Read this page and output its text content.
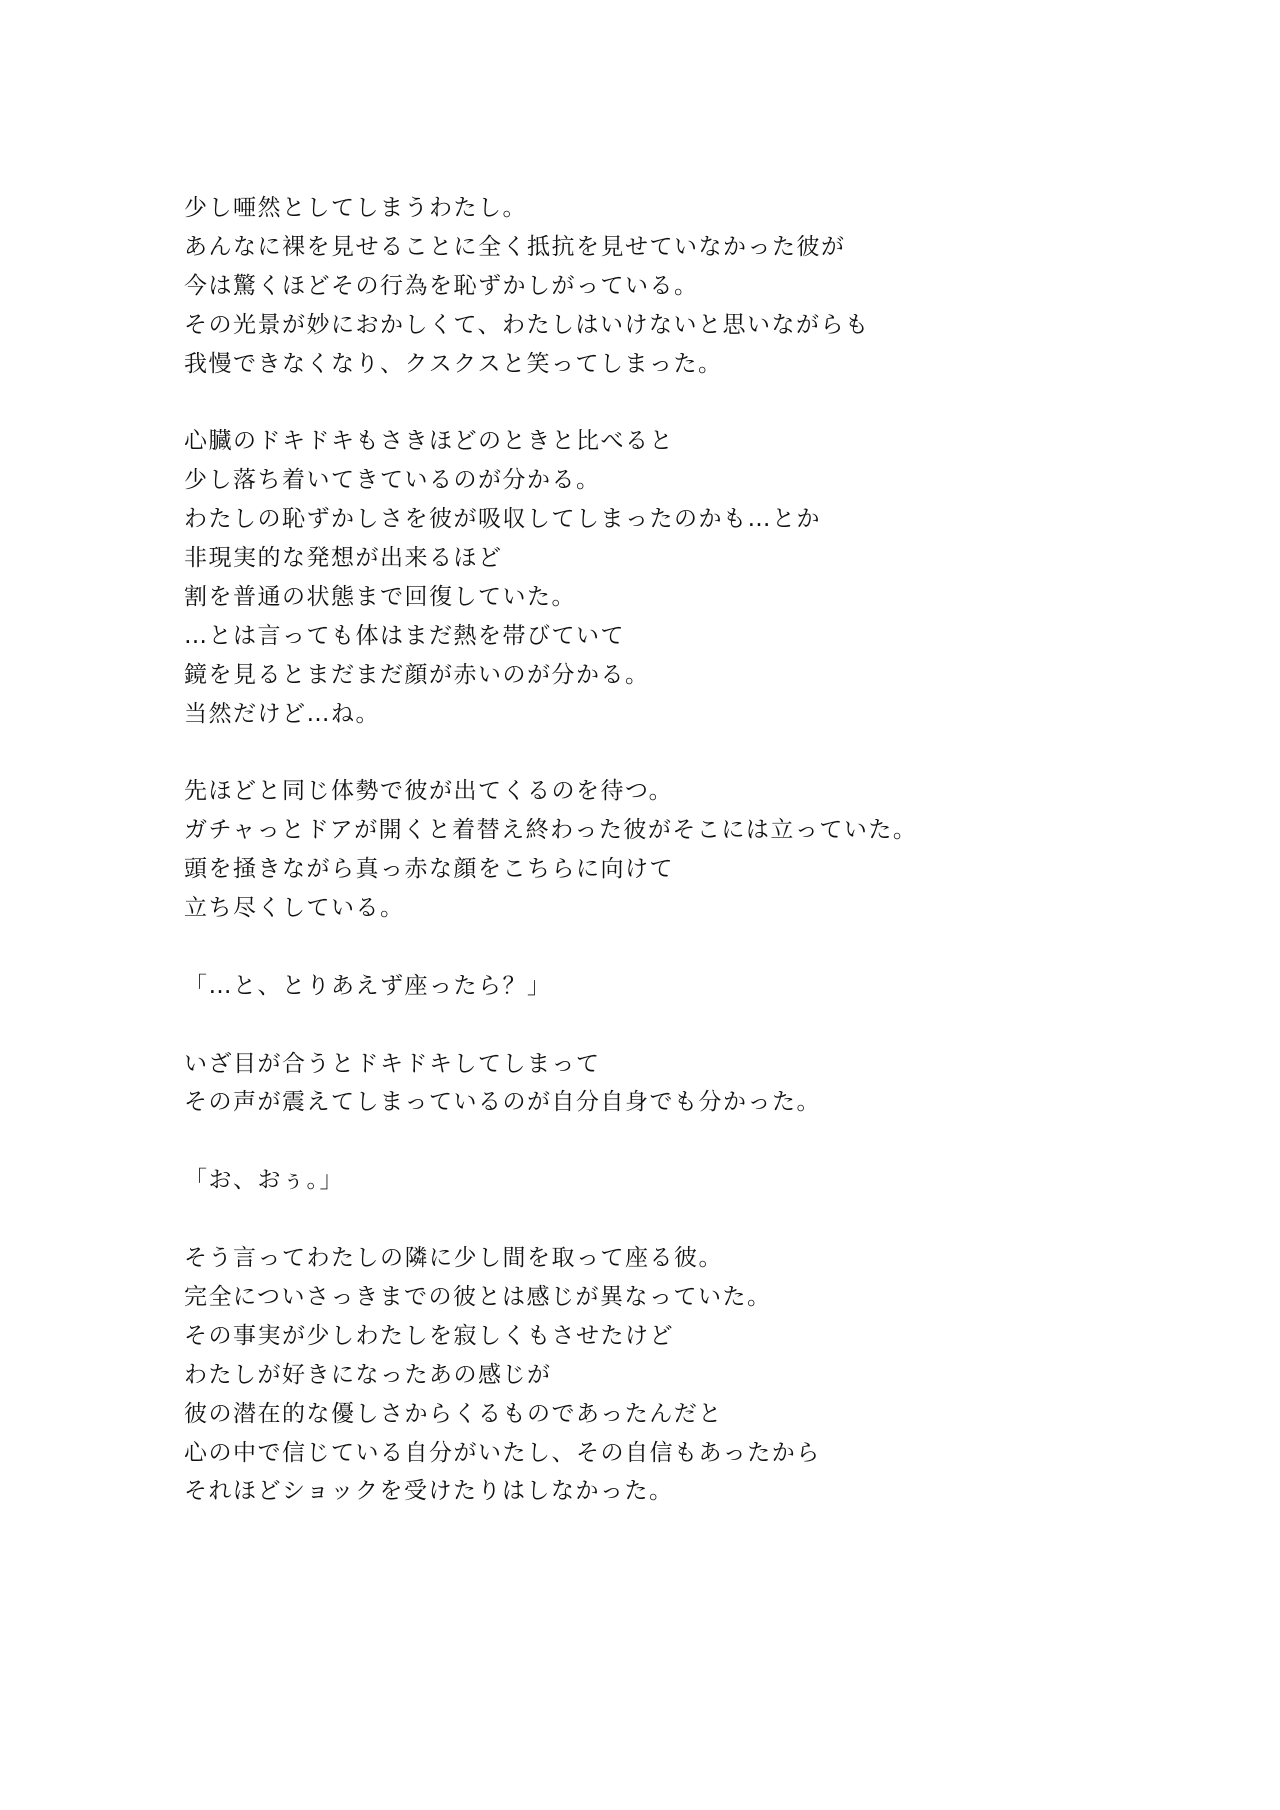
少し唖然としてしまうわたし。
あんなに裸を見せることに全く抵抗を見せていなかった彼が
今は驚くほどその行為を恥ずかしがっている。
その光景が妙におかしくて、わたしはいけないと思いながらも
我慢できなくなり、クスクスと笑ってしまった。
心臓のドキドキもさきほどのときと比べると
少し落ち着いてきているのが分かる。
わたしの恥ずかしさを彼が吸収してしまったのかも…とか
非現実的な発想が出来るほど
割を普通の状態まで回復していた。
…とは言っても体はまだ熱を帯びていて
鏡を見るとまだまだ顔が赤いのが分かる。
当然だけど…ね。
先ほどと同じ体勢で彼が出てくるのを待つ。
ガチャっとドアが開くと着替え終わった彼がそこには立っていた。
頭を掻きながら真っ赤な顔をこちらに向けて
立ち尽くしている。
「…と、とりあえず座ったら？」
いざ目が合うとドキドキしてしまって
その声が震えてしまっているのが自分自身でも分かった。
「お、おぅ。」
そう言ってわたしの隣に少し間を取って座る彼。
完全についさっきまでの彼とは感じが異なっていた。
その事実が少しわたしを寂しくもさせたけど
わたしが好きになったあの感じが
彼の潜在的な優しさからくるものであったんだと
心の中で信じている自分がいたし、その自信もあったから
それほどショックを受けたりはしなかった。
